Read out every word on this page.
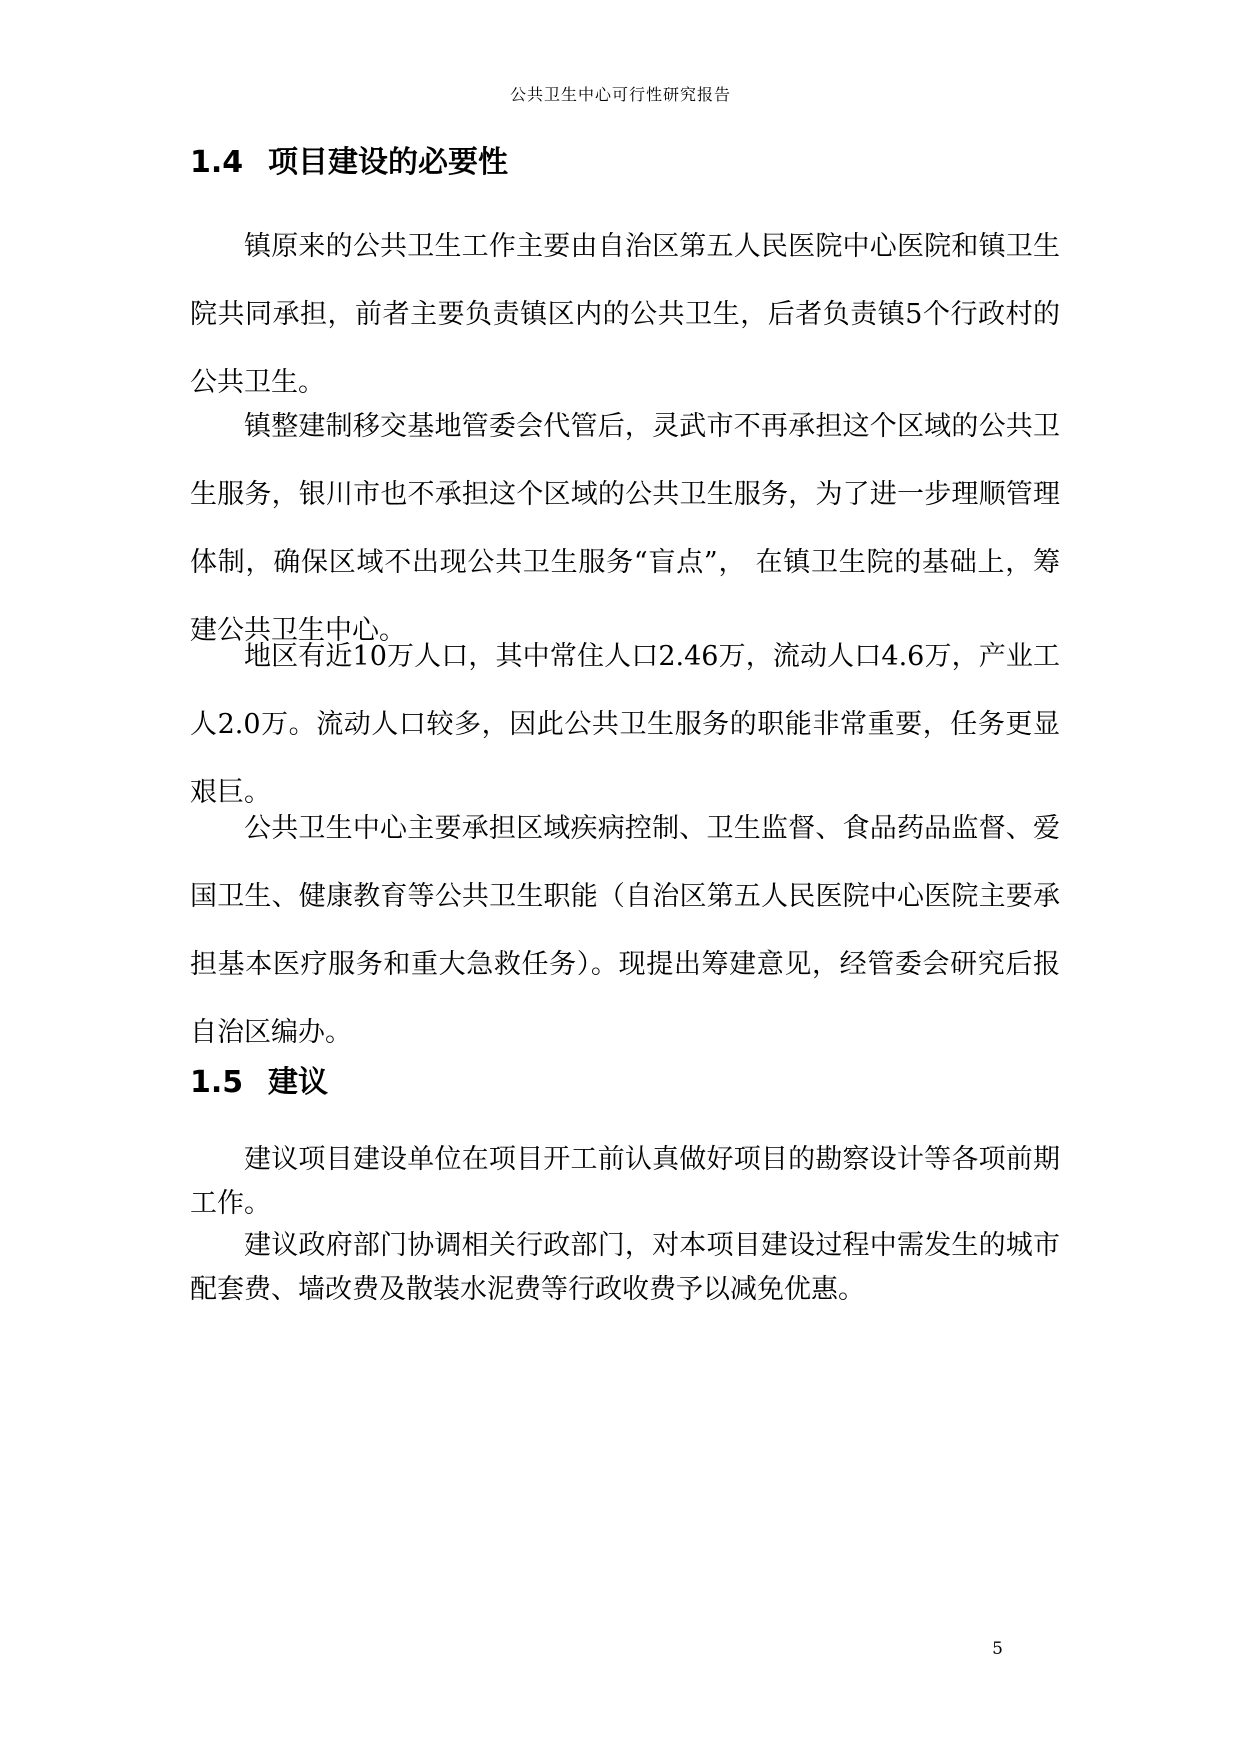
公共卫生中心可行性研究报告
1.4 项目建设的必要性

镇原来的公共卫生工作主要由自治区第五人民医院中心医院和镇卫生院共同承担，前者主要负责镇区内的公共卫生，后者负责镇5个行政村的公共卫生。

镇整建制移交基地管委会代管后，灵武市不再承担这个区域的公共卫生服务，银川市也不承担这个区域的公共卫生服务，为了进一步理顺管理体制，确保区域不出现公共卫生服务“盲点”， 在镇卫生院的基础上，筹建公共卫生中心。

地区有近10万人口，其中常住人口2.46万，流动人口4.6万，产业工人2.0万。流动人口较多，因此公共卫生服务的职能非常重要，任务更显艰巨。

公共卫生中心主要承担区域疾病控制、卫生监督、食品药品监督、爱国卫生、健康教育等公共卫生职能（自治区第五人民医院中心医院主要承担基本医疗服务和重大急救任务）。现提出筹建意见，经管委会研究后报自治区编办。

1.5 建议

建议项目建设单位在项目开工前认真做好项目的勘察设计等各项前期工作。

建议政府部门协调相关行政部门，对本项目建设过程中需发生的城市配套费、墙改费及散装水泥费等行政收费予以减免优惠。

5
